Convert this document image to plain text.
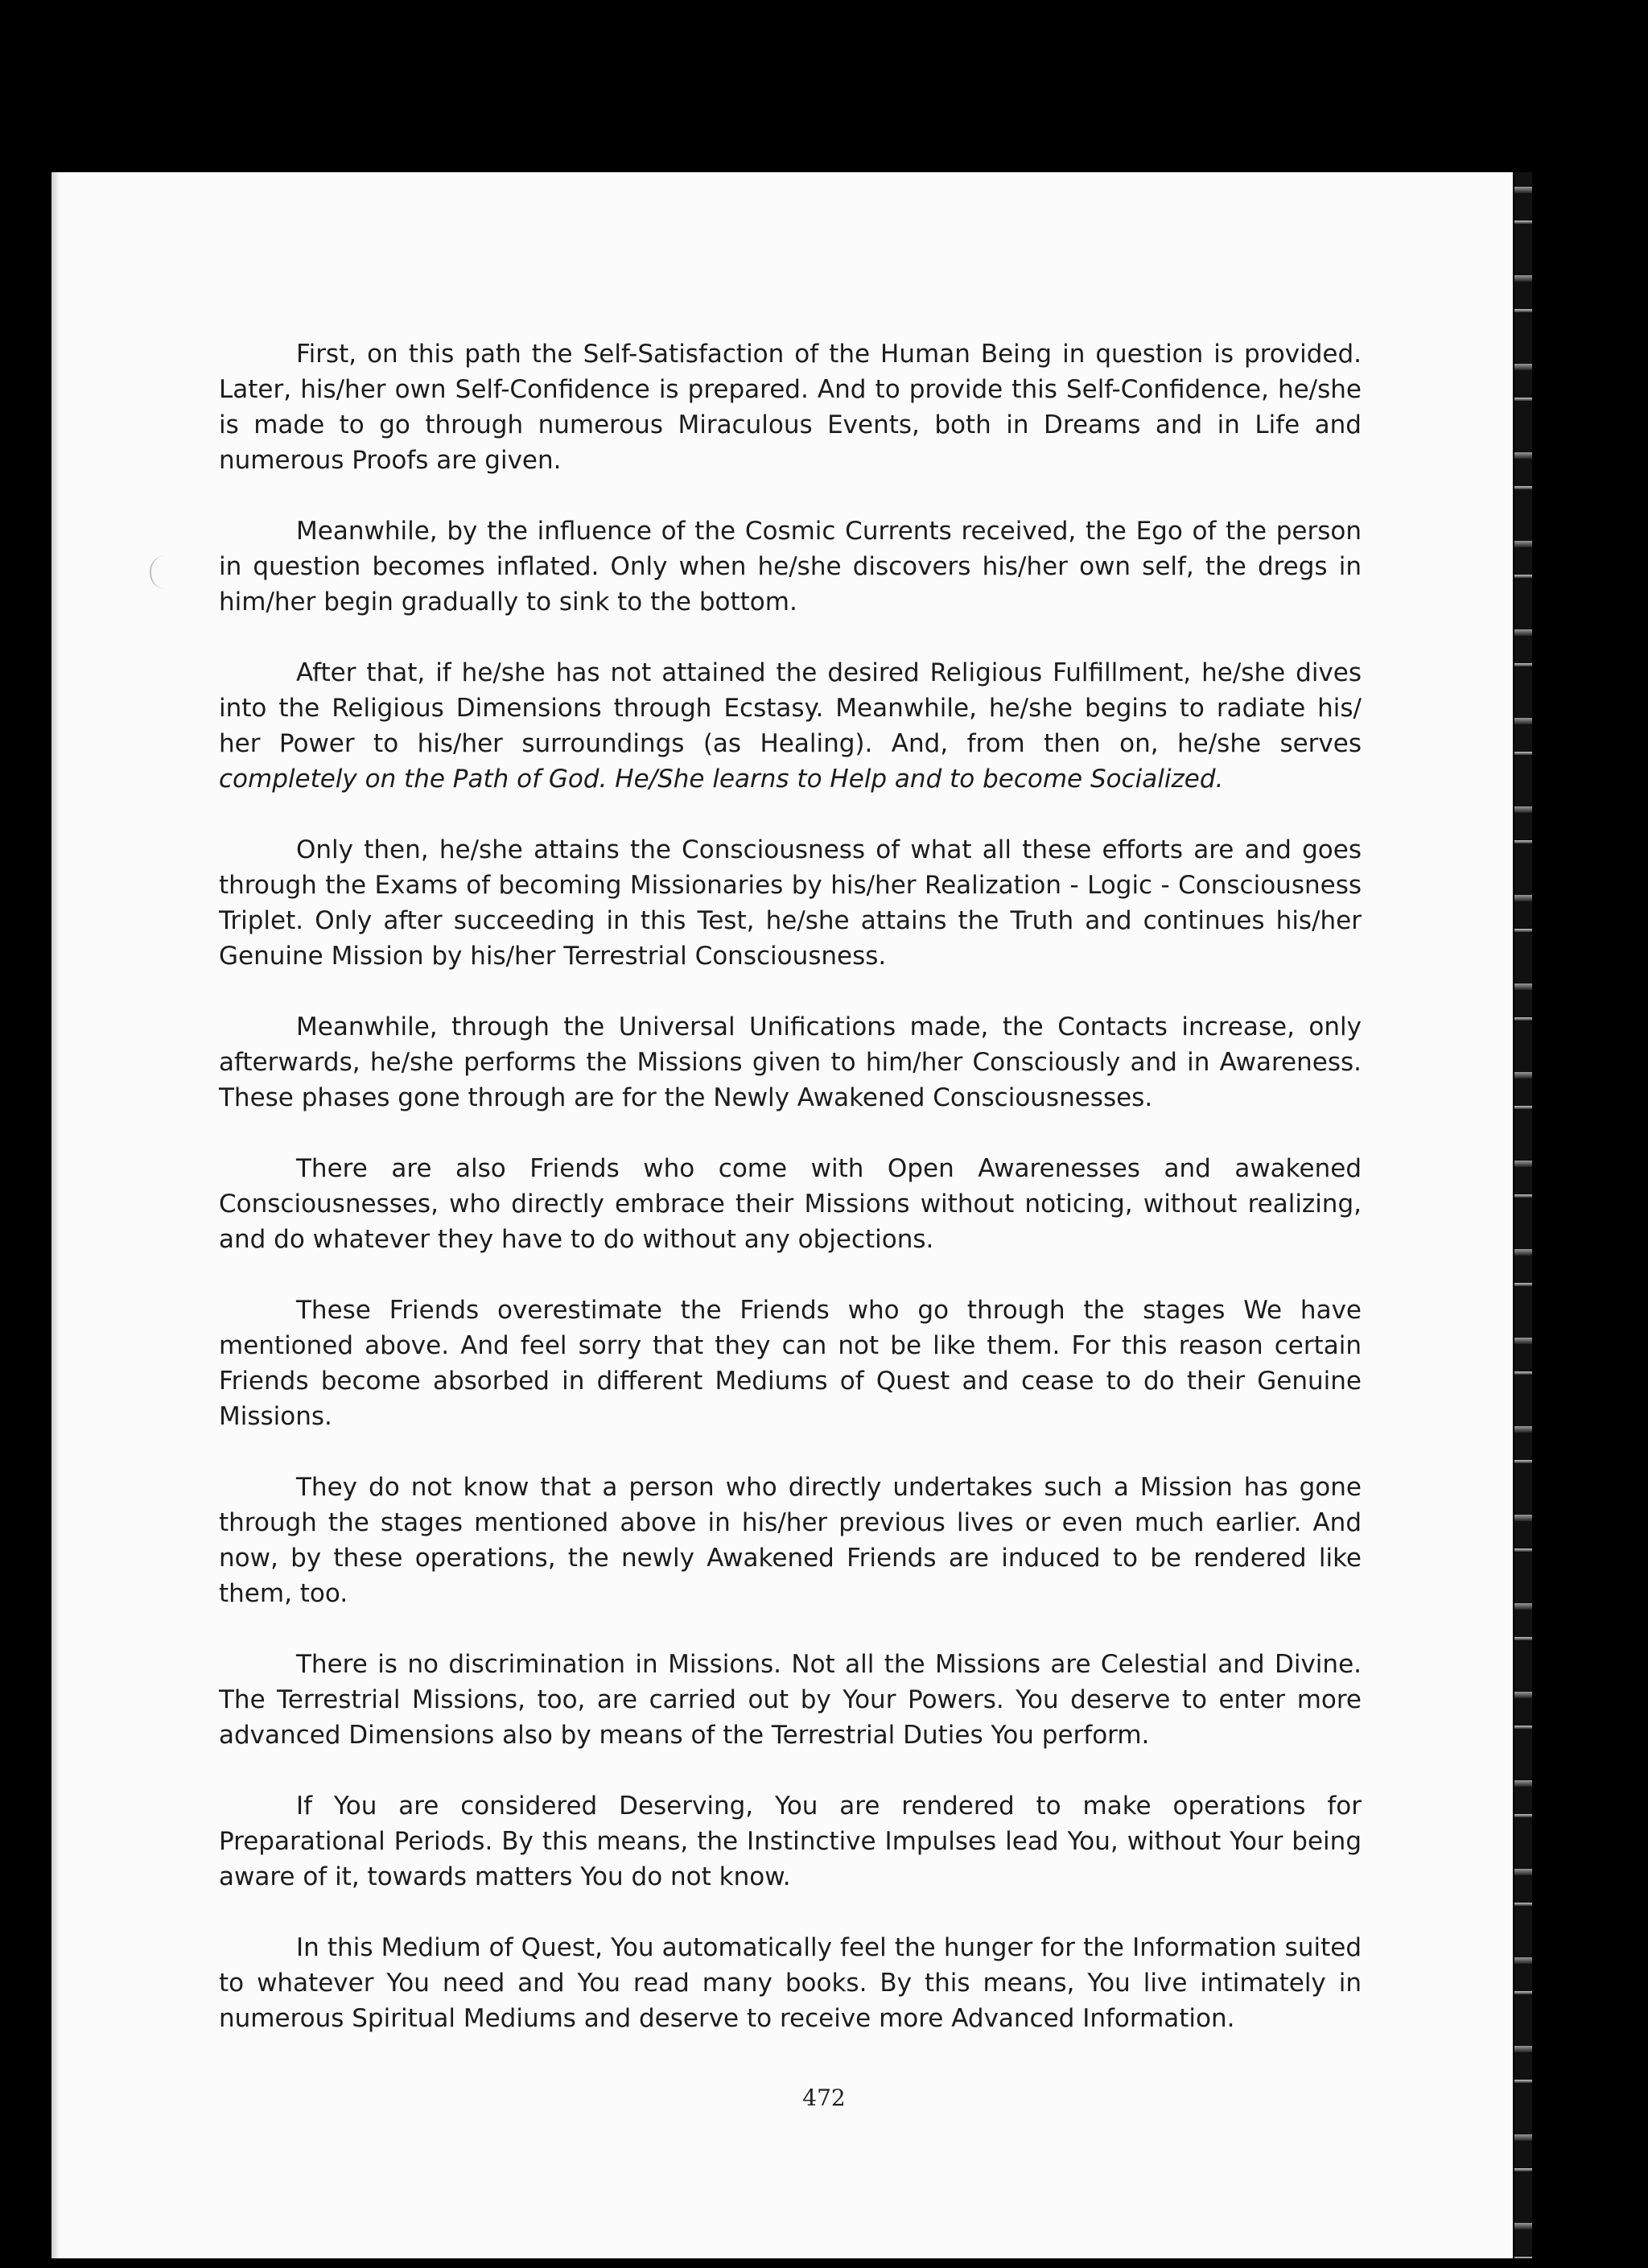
First, on this path the Self-Satisfaction of the Human Being in question is provided. Later, his/her own Self-Confidence is prepared. And to provide this Self-Confidence, he/she is made to go through numerous Miraculous Events, both in Dreams and in Life and numerous Proofs are given.

Meanwhile, by the influence of the Cosmic Currents received, the Ego of the person in question becomes inflated. Only when he/she discovers his/her own self, the dregs in him/her begin gradually to sink to the bottom.

After that, if he/she has not attained the desired Religious Fulfillment, he/she dives into the Religious Dimensions through Ecstasy. Meanwhile, he/she begins to radiate his/ her Power to his/her surroundings (as Healing). And, from then on, he/she serves completely on the Path of God. He/She learns to Help and to become Socialized.

Only then, he/she attains the Consciousness of what all these efforts are and goes through the Exams of becoming Missionaries by his/her Realization - Logic - Consciousness Triplet. Only after succeeding in this Test, he/she attains the Truth and continues his/her Genuine Mission by his/her Terrestrial Consciousness.

Meanwhile, through the Universal Unifications made, the Contacts increase, only afterwards, he/she performs the Missions given to him/her Consciously and in Awareness. These phases gone through are for the Newly Awakened Consciousnesses.

There are also Friends who come with Open Awarenesses and awakened Consciousnesses, who directly embrace their Missions without noticing, without realizing, and do whatever they have to do without any objections.

These Friends overestimate the Friends who go through the stages We have mentioned above. And feel sorry that they can not be like them. For this reason certain Friends become absorbed in different Mediums of Quest and cease to do their Genuine Missions.

They do not know that a person who directly undertakes such a Mission has gone through the stages mentioned above in his/her previous lives or even much earlier. And now, by these operations, the newly Awakened Friends are induced to be rendered like them, too.

There is no discrimination in Missions. Not all the Missions are Celestial and Divine. The Terrestrial Missions, too, are carried out by Your Powers. You deserve to enter more advanced Dimensions also by means of the Terrestrial Duties You perform.

If You are considered Deserving, You are rendered to make operations for Preparational Periods. By this means, the Instinctive Impulses lead You, without Your being aware of it, towards matters You do not know.

In this Medium of Quest, You automatically feel the hunger for the Information suited to whatever You need and You read many books. By this means, You live intimately in numerous Spiritual Mediums and deserve to receive more Advanced Information.

472
